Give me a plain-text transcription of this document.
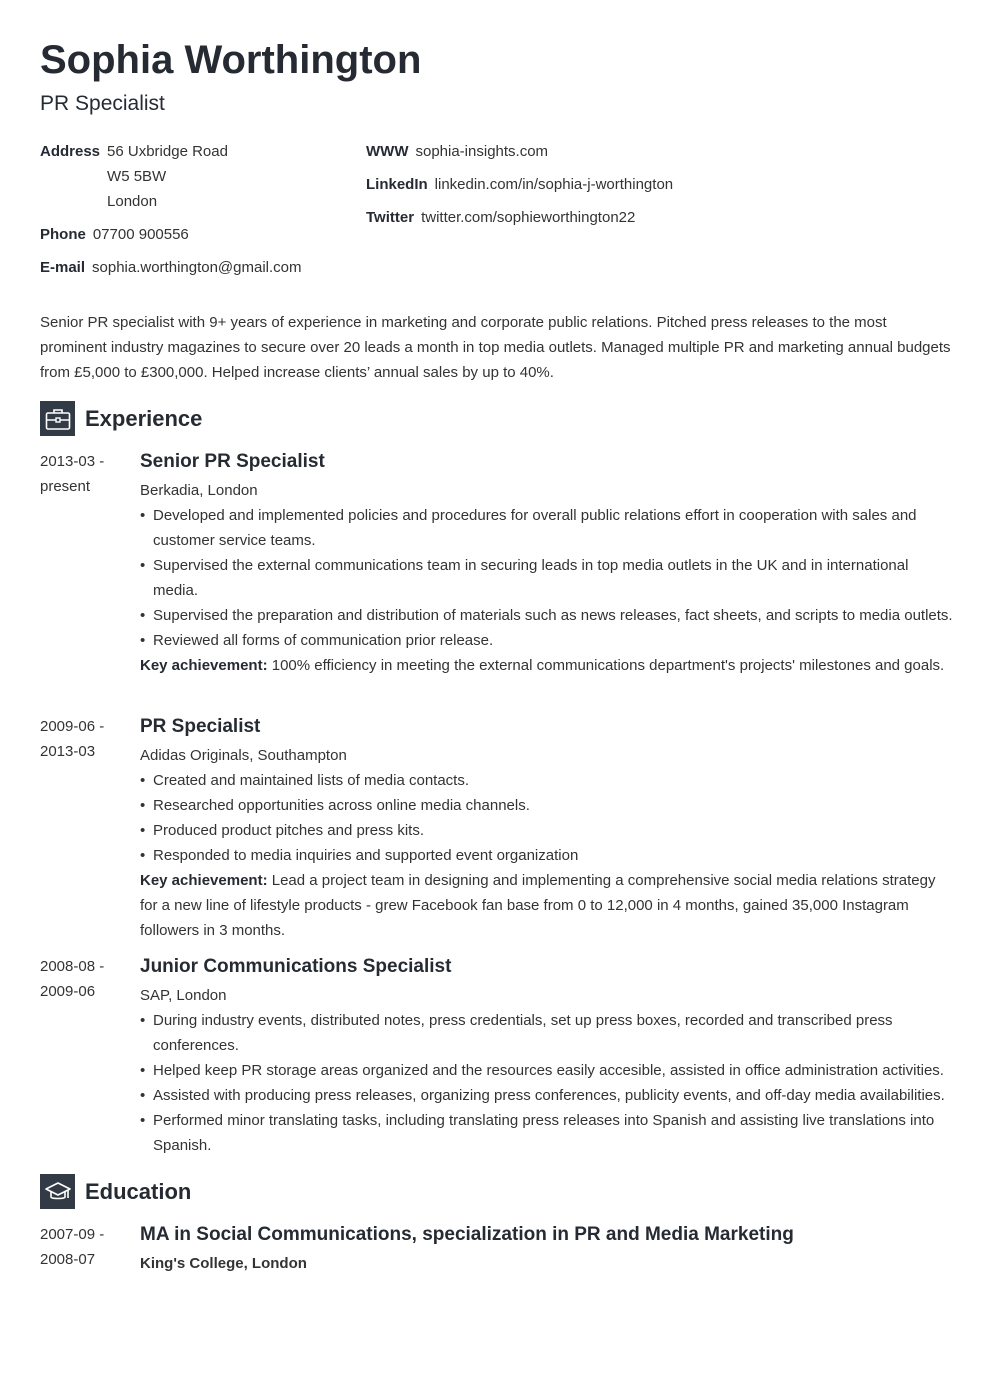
Sophia Worthington
PR Specialist
Address 56 Uxbridge Road
W5 5BW
London
Phone 07700 900556
E-mail sophia.worthington@gmail.com
WWW sophia-insights.com
LinkedIn linkedin.com/in/sophia-j-worthington
Twitter twitter.com/sophieworthington22

Senior PR specialist with 9+ years of experience in marketing and corporate public relations. Pitched press releases to the most prominent industry magazines to secure over 20 leads a month in top media outlets. Managed multiple PR and marketing annual budgets from £5,000 to £300,000. Helped increase clients’ annual sales by up to 40%.

Experience
2013-03 -
present
Senior PR Specialist
Berkadia, London
• Developed and implemented policies and procedures for overall public relations effort in cooperation with sales and customer service teams.
• Supervised the external communications team in securing leads in top media outlets in the UK and in international media.
• Supervised the preparation and distribution of materials such as news releases, fact sheets, and scripts to media outlets.
• Reviewed all forms of communication prior release.
Key achievement: 100% efficiency in meeting the external communications department's projects' milestones and goals.
2009-06 -
2013-03
PR Specialist
Adidas Originals, Southampton
• Created and maintained lists of media contacts.
• Researched opportunities across online media channels.
• Produced product pitches and press kits.
• Responded to media inquiries and supported event organization
Key achievement: Lead a project team in designing and implementing a comprehensive social media relations strategy for a new line of lifestyle products - grew Facebook fan base from 0 to 12,000 in 4 months, gained 35,000 Instagram followers in 3 months.
2008-08 -
2009-06
Junior Communications Specialist
SAP, London
• During industry events, distributed notes, press credentials, set up press boxes, recorded and transcribed press conferences.
• Helped keep PR storage areas organized and the resources easily accesible, assisted in office administration activities.
• Assisted with producing press releases, organizing press conferences, publicity events, and off-day media availabilities.
• Performed minor translating tasks, including translating press releases into Spanish and assisting live translations into Spanish.
Education
2007-09 -
2008-07
MA in Social Communications, specialization in PR and Media Marketing
King's College, London
